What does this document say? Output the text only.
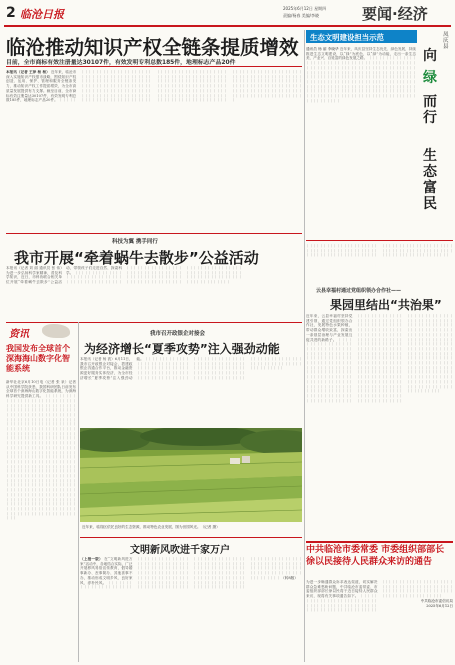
2 临沧日报	2025年6月12日 星期四
责编/杨春 美编/李晓	要闻·经济
临沧推动知识产权全链条提质增效
目前，全市商标有效注册量达30107件，有效发明专利总数185件，地理标志产品20件
本报讯（记者 王泽 杨 杨） 近年来，临沧市深入实施知识产权强市战略，围绕知识产权创造、运用、保护、管理和服务全链条发力，推动知识产权工作提质增效，为全市高质量发展提供有力支撑。截至目前，全市商标有效注册量达30107件，有效发明专利总数185件，地理标志产品20件。 ｜｜｜｜｜｜｜｜｜｜｜｜｜｜｜｜｜｜｜｜｜｜｜｜｜｜｜｜｜｜｜｜｜｜｜｜｜｜｜｜｜｜｜｜｜｜｜｜｜｜｜｜｜｜｜｜｜｜｜｜｜｜｜｜｜｜｜｜｜｜｜｜｜｜｜｜｜｜｜｜｜｜｜｜｜｜｜｜｜｜｜｜｜｜｜｜｜｜｜｜｜｜｜｜｜｜｜｜｜｜｜｜｜｜｜｜｜｜｜｜｜｜｜｜｜｜｜｜｜｜｜｜｜｜｜｜｜｜｜｜｜｜｜｜｜｜｜｜｜｜｜｜｜｜｜｜｜｜｜｜｜｜｜｜｜｜｜｜｜｜｜｜｜｜｜｜｜｜｜｜｜｜｜｜｜｜｜｜｜｜｜｜｜｜｜｜｜｜｜｜｜｜｜｜｜｜｜｜｜｜｜｜｜｜｜｜｜｜｜｜｜｜｜｜｜｜｜｜｜｜｜｜｜｜｜｜｜｜｜｜｜｜｜｜｜｜｜｜｜｜｜｜｜｜｜｜｜｜｜｜｜｜｜｜｜｜｜｜｜｜｜｜｜｜｜｜｜｜｜｜｜｜｜｜｜｜｜｜｜｜｜｜｜｜｜｜｜｜｜｜｜｜｜｜｜｜｜｜｜｜｜｜｜｜｜｜｜｜｜｜｜｜｜｜｜｜｜｜｜｜｜｜｜｜｜｜｜｜｜｜｜｜｜｜｜｜｜｜｜｜｜｜｜｜｜｜｜｜｜｜｜｜｜｜｜｜｜｜｜｜｜｜｜｜｜｜｜｜｜｜｜｜｜｜｜｜｜｜｜｜｜｜｜｜｜｜｜｜｜｜｜｜｜｜｜｜
生态文明建设担当示范
通讯员 杨 丽 李晓华 近年来，凤庆县坚持生态优先、绿色发展，持续推进生态文明建设，以“绿”为底色，以“绿”为动能，走出一条生态美、产业兴、百姓富的绿色发展之路。 ｜｜｜｜｜｜｜｜｜｜｜｜｜｜｜｜｜｜｜｜｜｜｜｜｜｜｜｜｜｜｜｜｜｜｜｜｜｜｜｜｜｜｜｜｜｜｜｜｜｜｜｜｜｜｜｜｜｜｜｜｜｜｜｜｜｜｜｜｜｜｜｜｜｜｜｜｜｜｜｜｜｜｜｜｜｜｜｜｜｜｜｜｜｜｜｜｜｜｜｜｜｜｜｜｜｜｜｜｜｜｜｜｜｜｜｜｜｜｜｜｜｜｜｜｜｜｜｜｜｜｜｜｜｜｜｜｜｜｜｜｜｜｜｜｜｜｜｜｜｜｜｜｜｜｜｜｜｜｜｜｜｜｜｜｜｜｜｜｜｜｜｜｜｜｜｜｜｜｜｜｜｜｜｜｜｜｜｜｜｜｜｜｜｜｜｜｜｜｜｜｜｜｜｜｜｜｜｜｜｜｜｜｜｜｜｜｜｜｜｜｜｜｜｜｜｜｜｜｜｜｜｜｜｜｜｜｜｜｜｜｜｜｜｜｜｜｜｜｜｜｜｜｜｜｜｜｜｜｜｜｜｜｜｜｜｜｜｜｜｜｜｜｜｜｜｜｜｜｜｜
凤庆县
向
绿
而行
生态富民
科技为翼 携手同行
我市开展“牵着蜗牛去散步”公益活动
本报讯（记者 刘 丽 通讯员 张 伟）为进一步弘扬科学家精神，普及科学知识，近日，市科协联合相关单位开展“牵着蜗牛去散步”公益活动，带领孩子们走进自然、探索科学。 ｜｜｜｜｜｜｜｜｜｜｜｜｜｜｜｜｜｜｜｜｜｜｜｜｜｜｜｜｜｜｜｜｜｜｜｜｜｜｜｜｜｜｜｜｜｜｜｜｜｜｜｜｜｜｜｜｜｜｜｜｜｜｜｜｜｜｜｜｜｜｜｜｜｜｜｜｜｜｜｜｜｜｜｜｜｜｜｜｜｜｜｜｜｜｜｜｜｜｜｜｜｜｜｜｜｜｜｜｜｜｜｜｜｜｜｜｜｜｜｜｜｜｜｜｜｜｜｜｜｜｜｜｜｜｜｜｜｜｜｜｜｜｜｜｜｜｜｜｜｜｜｜｜｜｜｜｜｜｜｜｜｜｜｜｜｜｜｜｜｜｜
资讯
我国发布全球首个深海海山数字化智能系统
新华社北京6月10日电（记者 张 泉）记者从中国科学院获悉，我国科研团队日前发布全球首个深海海山数字化智能系统，为深海科学研究提供新工具。 ｜｜｜｜｜｜｜｜｜｜｜｜｜｜｜｜｜｜｜｜｜｜｜｜｜｜｜｜｜｜｜｜｜｜｜｜｜｜｜｜｜｜｜｜｜｜｜｜｜｜｜｜｜｜｜｜｜｜｜｜｜｜｜｜｜｜｜｜｜｜｜｜｜｜｜｜｜｜｜｜｜｜｜｜｜｜｜｜｜｜｜｜｜｜｜｜｜｜｜｜｜｜｜｜｜｜｜｜｜｜｜｜｜｜｜｜｜｜｜｜｜｜｜｜｜｜｜｜｜｜｜｜｜｜｜｜｜｜｜｜｜｜｜｜｜｜｜｜｜｜｜｜｜｜｜｜｜｜｜｜｜｜｜｜｜｜｜｜｜｜｜｜｜｜｜｜｜｜｜｜｜｜｜｜｜｜｜｜｜｜｜｜｜｜｜｜｜｜｜｜｜｜｜｜｜｜｜｜｜｜｜｜｜｜｜｜｜｜｜｜｜｜｜｜｜｜｜｜｜｜｜｜｜｜｜｜｜｜｜｜｜｜｜｜｜｜｜｜｜｜｜｜｜｜｜｜｜｜｜｜｜｜｜｜｜｜｜｜｜｜｜｜｜｜｜｜｜｜｜｜｜｜｜｜｜｜｜｜｜｜｜｜｜｜｜｜｜｜｜｜｜｜｜｜｜｜｜｜｜｜｜｜｜｜｜｜｜｜｜｜｜｜｜｜｜｜｜｜｜｜｜｜｜｜｜｜｜｜｜｜｜｜｜｜｜｜｜｜｜｜｜｜｜｜｜｜｜｜｜｜｜｜｜｜｜｜｜｜｜｜｜｜｜｜｜｜｜｜｜｜｜｜｜｜｜｜｜｜｜｜｜｜｜｜｜｜｜｜｜｜｜｜｜｜｜｜｜｜｜｜｜｜｜｜｜｜｜｜｜｜｜｜｜｜｜｜｜｜｜｜｜｜｜｜｜｜｜｜｜｜｜｜｜｜｜｜｜｜｜｜｜｜｜｜｜｜｜｜｜｜｜｜｜｜｜｜｜｜｜｜｜｜｜｜｜｜｜｜｜｜｜｜｜｜｜｜｜｜｜｜｜｜｜｜｜｜｜｜｜｜｜｜｜｜｜｜｜｜｜｜｜｜
我市召开政银企对接会
为经济增长“夏季攻势”注入强劲动能
本报讯（记者 杨 波）6月11日，我市召开政银企对接会，搭建政银企沟通合作平台，推动金融资源更好服务实体经济，为全市经济增长“夏季攻势”注入强劲动能。 ｜｜｜｜｜｜｜｜｜｜｜｜｜｜｜｜｜｜｜｜｜｜｜｜｜｜｜｜｜｜｜｜｜｜｜｜｜｜｜｜｜｜｜｜｜｜｜｜｜｜｜｜｜｜｜｜｜｜｜｜｜｜｜｜｜｜｜｜｜｜｜｜｜｜｜｜｜｜｜｜｜｜｜｜｜｜｜｜｜｜｜｜｜｜｜｜｜｜｜｜｜｜｜｜｜｜｜｜｜｜｜｜｜｜｜｜｜｜｜｜｜｜｜｜｜｜｜｜｜｜｜｜｜｜｜｜｜｜｜｜｜｜｜｜｜｜｜｜｜｜｜｜｜｜｜｜｜｜｜｜｜｜｜｜｜｜｜｜｜｜｜｜｜｜｜｜｜｜｜｜｜｜｜｜｜｜｜｜
近年来，临翔区依托良好的生态资源，推动特色农业发展，图为田园风光。（记者 摄）
文明新风吹进千家万户
（上接一版） 在“文明新风进万家”活动中，各地结合实际，广泛开展移风易俗宣传教育，倡导婚事新办、丧事简办、其他喜事不办，推动形成文明乡风、良好家风、淳朴民风。 ｜｜｜｜｜｜｜｜｜｜｜｜｜｜｜｜｜｜｜｜｜｜｜｜｜｜｜｜｜｜｜｜｜｜｜｜｜｜｜｜｜｜｜｜｜｜｜｜｜｜｜｜｜｜｜｜｜｜｜｜｜｜｜｜｜｜｜｜｜｜｜｜｜｜｜｜｜｜｜｜｜｜｜｜｜｜｜｜｜｜｜｜｜｜｜｜｜｜｜｜｜｜｜｜｜｜｜｜｜｜｜｜｜｜｜｜｜｜｜｜｜｜｜｜｜｜｜｜｜｜｜｜｜｜｜｜｜｜｜｜｜｜｜｜｜｜｜｜｜｜｜｜｜｜｜｜｜｜｜｜｜｜｜｜｜｜｜｜｜｜｜｜｜｜｜｜｜｜｜｜｜｜｜｜｜｜｜｜｜｜｜｜｜｜｜｜｜｜｜｜｜｜｜｜｜｜｜｜｜｜｜｜｜｜｜｜｜｜｜｜｜｜｜｜｜｜｜｜｜｜｜｜｜｜｜｜｜｜｜｜｜｜｜｜｜｜｜｜｜｜｜｜｜｜｜｜｜｜｜｜｜｜｜｜｜｜｜｜｜｜｜｜｜｜｜｜｜｜｜｜｜｜｜｜｜｜｜｜｜｜｜｜｜｜｜｜｜｜｜｜｜ （转8版）
｜｜｜｜｜｜｜｜｜｜｜｜｜｜｜｜｜｜｜｜｜｜｜｜｜｜｜｜｜｜｜｜｜｜｜｜｜｜｜｜｜｜｜｜｜｜｜｜｜｜｜｜｜｜｜｜｜｜｜｜｜｜｜｜｜｜｜｜｜｜｜｜｜｜｜｜｜｜｜｜｜｜｜｜｜｜｜｜｜｜｜｜｜｜｜｜｜｜｜｜｜｜｜｜｜｜｜｜｜｜｜｜｜｜｜｜｜｜｜｜｜｜｜｜｜
云县幸福村通过党组织领办合作社——
果园里结出“共治果”
近年来，云县幸福村坚持党建引领，通过党组织领办合作社，发展特色水果种植，带动群众增收致富，探索出一条基层治理与产业发展互促共进的新路子。 ｜｜｜｜｜｜｜｜｜｜｜｜｜｜｜｜｜｜｜｜｜｜｜｜｜｜｜｜｜｜｜｜｜｜｜｜｜｜｜｜｜｜｜｜｜｜｜｜｜｜｜｜｜｜｜｜｜｜｜｜｜｜｜｜｜｜｜｜｜｜｜｜｜｜｜｜｜｜｜｜｜｜｜｜｜｜｜｜｜｜｜｜｜｜｜｜｜｜｜｜｜｜｜｜｜｜｜｜｜｜｜｜｜｜｜｜｜｜｜｜｜｜｜｜｜｜｜｜｜｜｜｜｜｜｜｜｜｜｜｜｜｜｜｜｜｜｜｜｜｜｜｜｜｜｜｜｜｜｜｜｜｜｜｜｜｜｜｜｜｜｜｜｜｜｜｜｜｜｜｜｜｜｜｜｜｜｜｜｜｜｜｜｜｜｜｜｜｜｜｜｜｜｜｜｜｜｜｜｜｜｜｜｜｜｜｜｜｜｜｜｜｜｜｜｜｜｜｜｜｜｜｜｜｜｜｜｜｜｜｜｜｜｜｜｜｜｜｜｜｜｜｜｜｜｜｜｜｜｜｜｜｜｜｜｜｜｜｜｜｜｜｜｜｜｜｜｜｜｜｜｜｜｜｜｜｜｜｜｜｜｜｜｜｜｜｜｜｜｜｜｜｜｜｜｜｜｜｜｜｜｜｜｜｜｜｜｜｜｜｜｜｜｜｜｜｜｜｜｜｜｜｜｜｜｜｜｜｜｜｜｜｜｜｜｜｜｜｜｜｜｜｜｜｜｜｜｜｜｜｜｜｜｜｜｜｜｜｜｜｜｜｜｜｜｜｜｜｜｜｜｜｜｜｜｜｜｜｜｜｜｜｜｜｜｜｜｜｜｜｜｜｜｜｜｜｜｜｜｜｜｜｜｜｜｜｜｜｜｜｜｜｜｜｜｜｜｜｜｜｜｜｜｜｜｜｜｜｜｜｜｜｜｜｜｜｜｜｜｜｜｜｜｜｜｜｜｜｜｜｜｜｜｜｜｜｜｜｜｜｜｜｜｜｜｜｜｜｜｜｜｜｜｜｜｜｜｜｜｜｜｜｜｜｜｜｜｜｜｜｜｜｜｜｜｜｜｜｜｜｜｜｜｜｜｜｜｜｜｜｜｜｜｜｜｜｜｜｜｜｜｜｜｜｜｜｜｜｜｜｜｜｜｜｜｜｜｜｜｜｜｜｜｜｜｜｜｜｜｜｜｜｜｜｜｜｜｜｜｜｜｜｜｜｜｜｜｜｜｜｜｜｜｜｜｜｜｜｜｜｜｜｜｜｜｜｜｜｜｜｜｜｜｜｜｜｜｜｜｜｜｜｜｜｜｜｜｜｜｜｜｜｜｜｜｜｜｜｜｜｜｜｜｜｜｜｜｜｜
中共临沧市委常委 市委组织部部长徐以民接待人民群众来访的通告
为进一步畅通群众诉求表达渠道，切实解决群众急难愁盼问题，中共临沧市委常委、市委组织部部长徐以民将于近日接待人民群众来访，现将有关事项通告如下。 ｜｜｜｜｜｜｜｜｜｜｜｜｜｜｜｜｜｜｜｜｜｜｜｜｜｜｜｜｜｜｜｜｜｜｜｜｜｜｜｜｜｜｜｜｜｜｜｜｜｜｜｜｜｜｜｜｜｜｜｜｜｜｜｜｜｜｜｜｜｜｜｜｜｜｜｜｜｜｜｜｜｜｜｜｜｜｜｜｜｜｜｜｜｜｜｜｜｜｜｜｜｜｜｜｜｜｜｜｜｜｜｜｜｜｜｜｜｜｜｜｜｜｜｜｜｜｜｜｜｜｜｜｜｜｜｜｜｜｜｜｜｜｜｜｜｜｜｜｜
中共临沧市委信访局
2025年6月12日
